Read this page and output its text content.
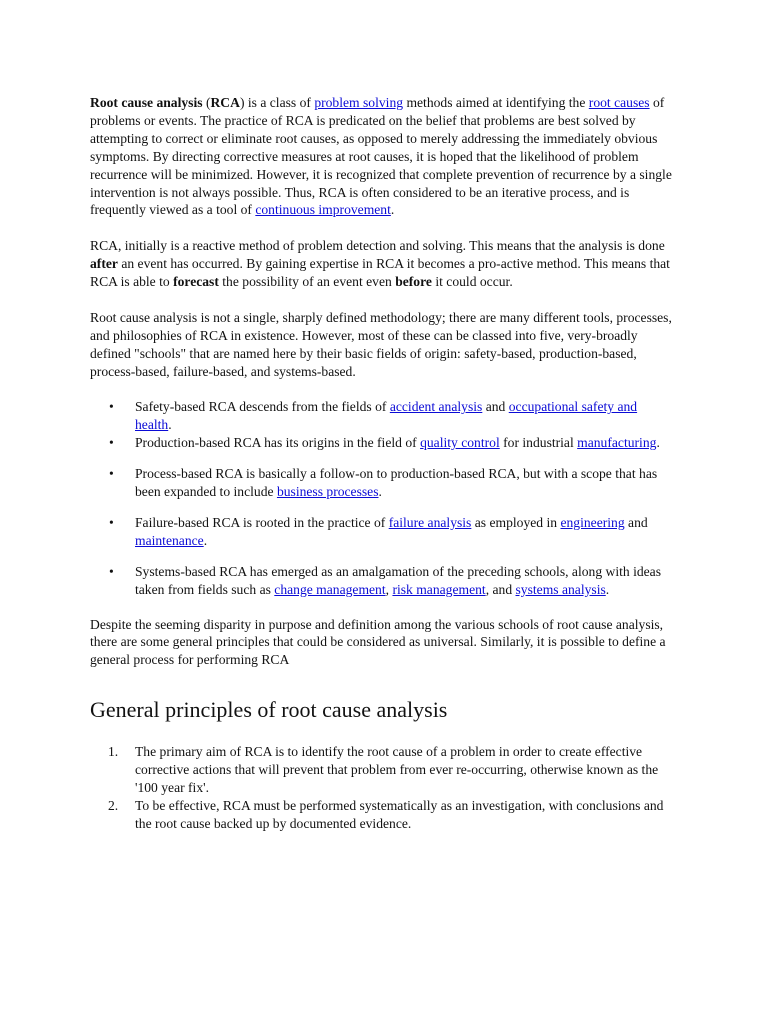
Root cause analysis (RCA) is a class of problem solving methods aimed at identifying the root causes of problems or events. The practice of RCA is predicated on the belief that problems are best solved by attempting to correct or eliminate root causes, as opposed to merely addressing the immediately obvious symptoms. By directing corrective measures at root causes, it is hoped that the likelihood of problem recurrence will be minimized. However, it is recognized that complete prevention of recurrence by a single intervention is not always possible. Thus, RCA is often considered to be an iterative process, and is frequently viewed as a tool of continuous improvement.

RCA, initially is a reactive method of problem detection and solving. This means that the analysis is done after an event has occurred. By gaining expertise in RCA it becomes a pro-active method. This means that RCA is able to forecast the possibility of an event even before it could occur.

Root cause analysis is not a single, sharply defined methodology; there are many different tools, processes, and philosophies of RCA in existence. However, most of these can be classed into five, very-broadly defined "schools" that are named here by their basic fields of origin: safety-based, production-based, process-based, failure-based, and systems-based.

• Safety-based RCA descends from the fields of accident analysis and occupational safety and health.
• Production-based RCA has its origins in the field of quality control for industrial manufacturing.
• Process-based RCA is basically a follow-on to production-based RCA, but with a scope that has been expanded to include business processes.
• Failure-based RCA is rooted in the practice of failure analysis as employed in engineering and maintenance.
• Systems-based RCA has emerged as an amalgamation of the preceding schools, along with ideas taken from fields such as change management, risk management, and systems analysis.

Despite the seeming disparity in purpose and definition among the various schools of root cause analysis, there are some general principles that could be considered as universal. Similarly, it is possible to define a general process for performing RCA

General principles of root cause analysis
1. The primary aim of RCA is to identify the root cause of a problem in order to create effective corrective actions that will prevent that problem from ever re-occurring, otherwise known as the '100 year fix'.
2. To be effective, RCA must be performed systematically as an investigation, with conclusions and the root cause backed up by documented evidence.
